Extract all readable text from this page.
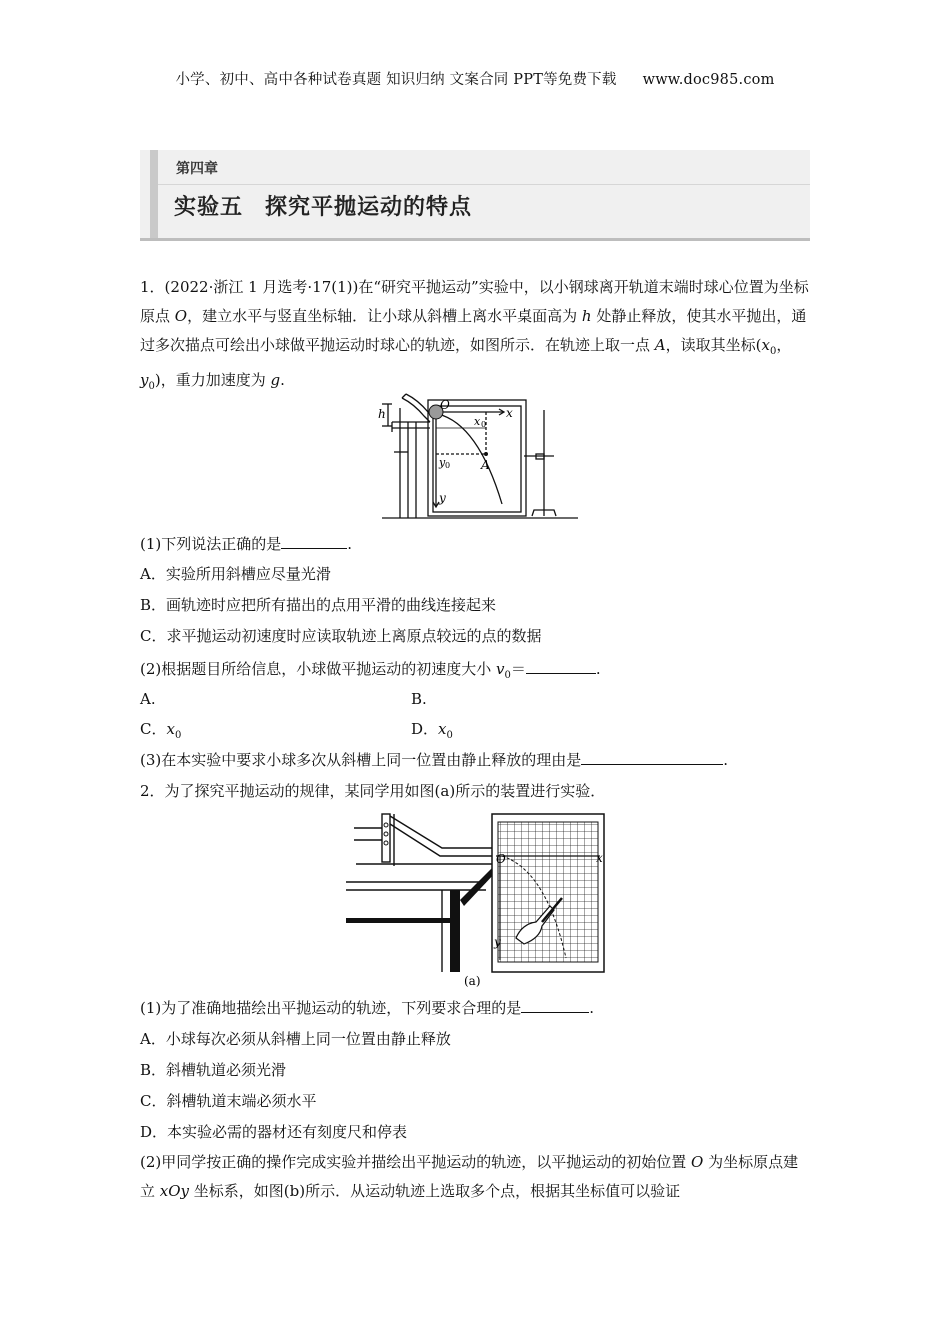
小学、初中、高中各种试卷真题 知识归纳 文案合同 PPT等免费下载 www.doc985.com
第四章
实验五 探究平抛运动的特点
1．(2022·浙江 1 月选考·17(1))在“研究平抛运动”实验中，以小钢球离开轨道末端时球心位置为坐标原点 O，建立水平与竖直坐标轴．让小球从斜槽上离水平桌面高为 h 处静止释放，使其水平抛出，通过多次描点可绘出小球做平抛运动时球心的轨迹，如图所示．在轨迹上取一点 A，读取其坐标($x_0$，$y_0$)，重力加速度为 g.
h
O
x
x 0
y 0	A
y
(1)下列说法正确的是	.
A．实验所用斜槽应尽量光滑
B．画轨迹时应把所有描出的点用平滑的曲线连接起来
C．求平抛运动初速度时应读取轨迹上离原点较远的点的数据
(2)根据题目所给信息，小球做平抛运动的初速度大小 $v_0=$	.
A.	B.
C．$x_0$	D．$x_0$
(3)在本实验中要求小球多次从斜槽上同一位置由静止释放的理由是	.
2．为了探究平抛运动的规律，某同学用如图(a)所示的装置进行实验．
O	x
y
(a)
(1)为了准确地描绘出平抛运动的轨迹，下列要求合理的是	.
A．小球每次必须从斜槽上同一位置由静止释放
B．斜槽轨道必须光滑
C．斜槽轨道末端必须水平
D．本实验必需的器材还有刻度尺和停表
(2)甲同学按正确的操作完成实验并描绘出平抛运动的轨迹，以平抛运动的初始位置 O 为坐标原点建立 xOy 坐标系，如图(b)所示．从运动轨迹上选取多个点，根据其坐标值可以验证
